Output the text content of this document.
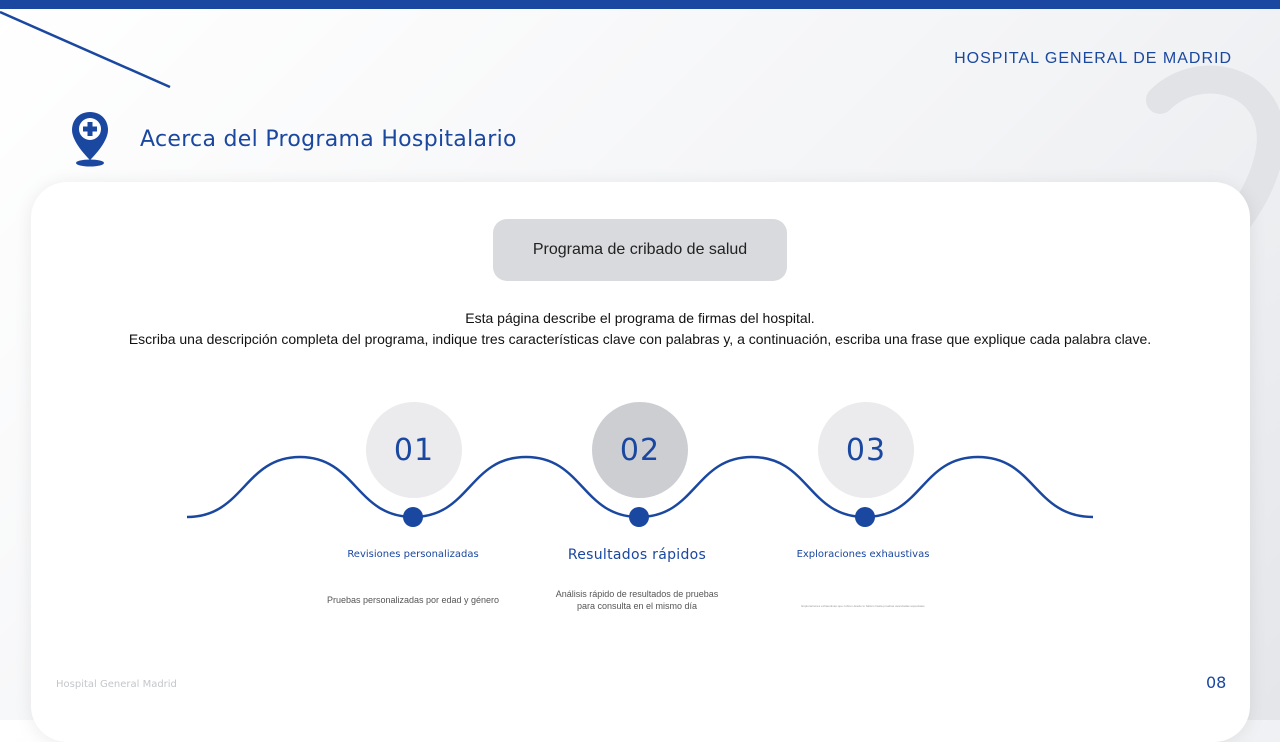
HOSPITAL GENERAL DE MADRID
Acerca del Programa Hospitalario
Programa de cribado de salud
Esta página describe el programa de firmas del hospital.
Escriba una descripción completa del programa, indique tres características clave con palabras y, a continuación, escriba una frase que explique cada palabra clave.
01	02	03
Revisiones personalizadas	Resultados rápidos	Exploraciones exhaustivas
Pruebas personalizadas por edad y género
Análisis rápido de resultados de pruebas
para consulta en el mismo día	Exploraciones exhaustivas que cubren desde lo básico hasta pruebas avanzadas especiales
Hospital General Madrid	08
